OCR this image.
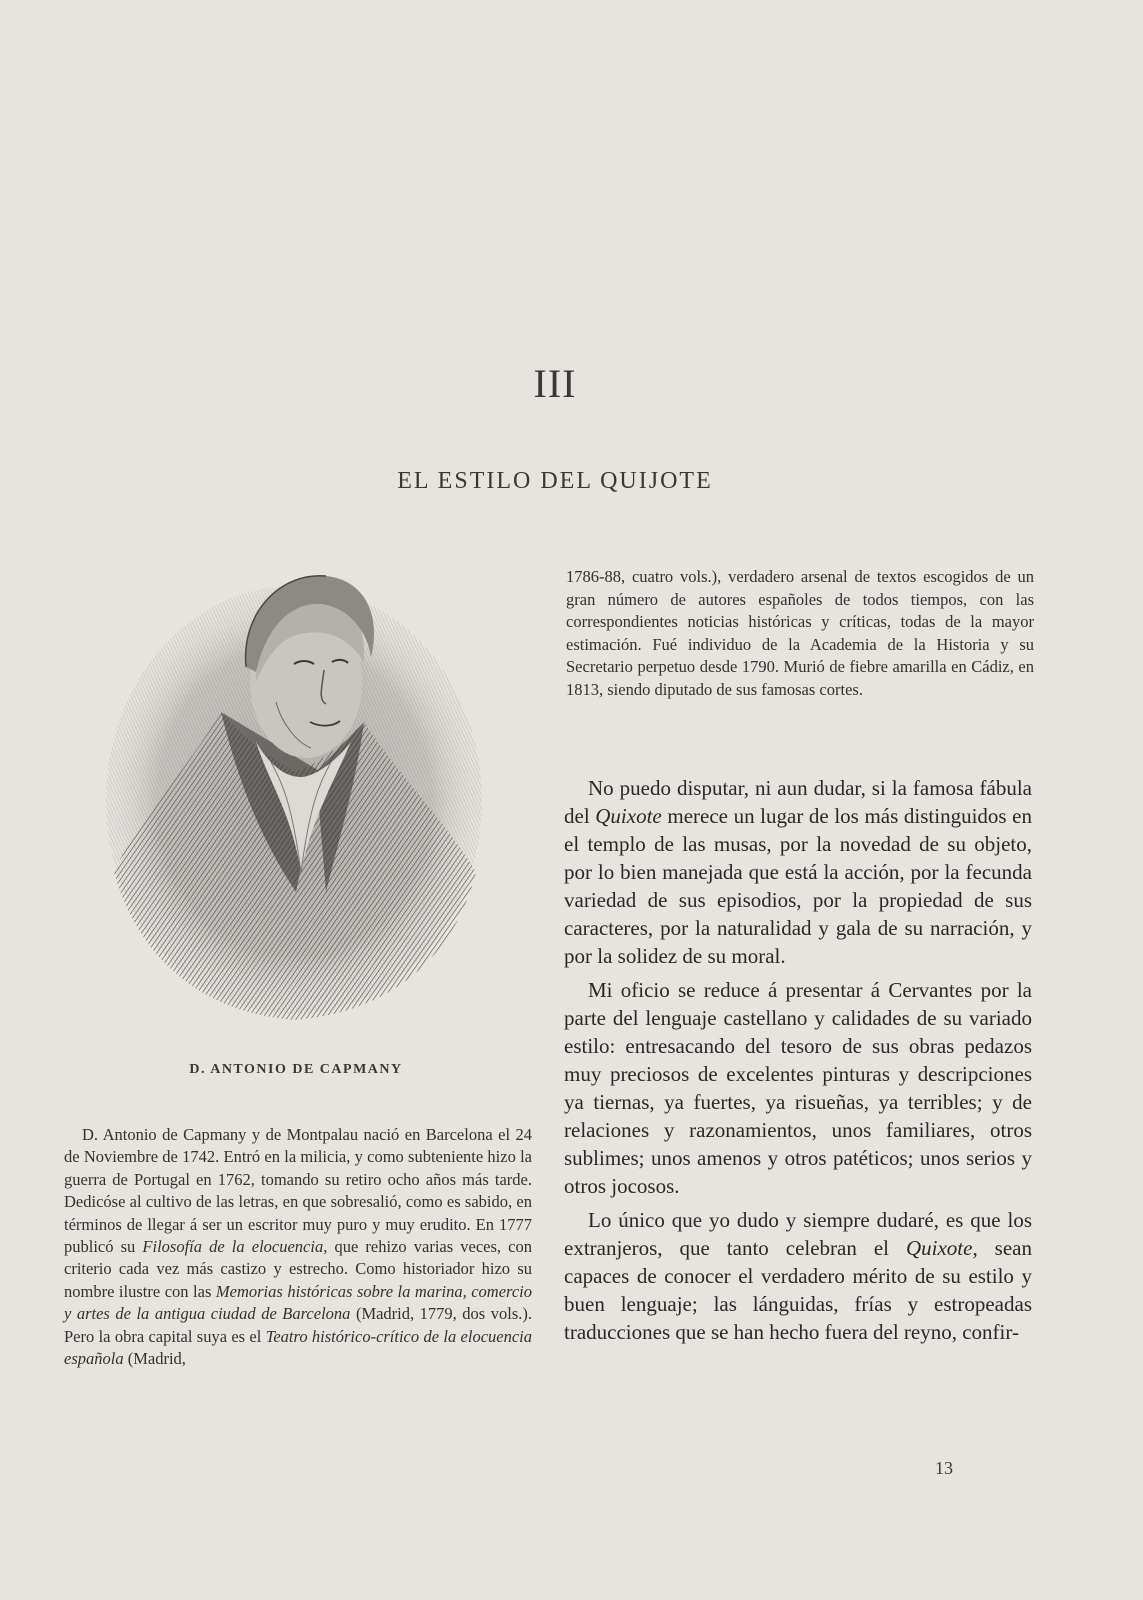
III
EL ESTILO DEL QUIJOTE
D. ANTONIO DE CAPMANY

D. Antonio de Capmany y de Montpalau nació en Barcelona el 24 de Noviembre de 1742. Entró en la milicia, y como subteniente hizo la guerra de Portugal en 1762, tomando su retiro ocho años más tarde. Dedicóse al cultivo de las letras, en que sobresalió, como es sabido, en términos de llegar á ser un escritor muy puro y muy erudito. En 1777 publicó su Filosofía de la elocuencia, que rehizo varias veces, con criterio cada vez más castizo y estrecho. Como historiador hizo su nombre ilustre con las Memorias históricas sobre la marina, comercio y artes de la antigua ciudad de Barcelona (Madrid, 1779, dos vols.). Pero la obra capital suya es el Teatro histórico-crítico de la elocuencia española (Madrid,

1786-88, cuatro vols.), verdadero arsenal de textos escogidos de un gran número de autores españoles de todos tiempos, con las correspondientes noticias históricas y críticas, todas de la mayor estimación. Fué individuo de la Academia de la Historia y su Secretario perpetuo desde 1790. Murió de fiebre amarilla en Cádiz, en 1813, siendo diputado de sus famosas cortes.

No puedo disputar, ni aun dudar, si la famosa fábula del Quixote merece un lugar de los más distinguidos en el templo de las musas, por la novedad de su objeto, por lo bien manejada que está la acción, por la fecunda variedad de sus episodios, por la propiedad de sus caracteres, por la naturalidad y gala de su narración, y por la solidez de su moral.

Mi oficio se reduce á presentar á Cervantes por la parte del lenguaje castellano y calidades de su variado estilo: entresacando del tesoro de sus obras pedazos muy preciosos de excelentes pinturas y descripciones ya tiernas, ya fuertes, ya risueñas, ya terribles; y de relaciones y razonamientos, unos familiares, otros sublimes; unos amenos y otros patéticos; unos serios y otros jocosos.

Lo único que yo dudo y siempre dudaré, es que los extranjeros, que tanto celebran el Quixote, sean capaces de conocer el verdadero mérito de su estilo y buen lenguaje; las lánguidas, frías y estropeadas traducciones que se han hecho fuera del reyno, confir-

13
